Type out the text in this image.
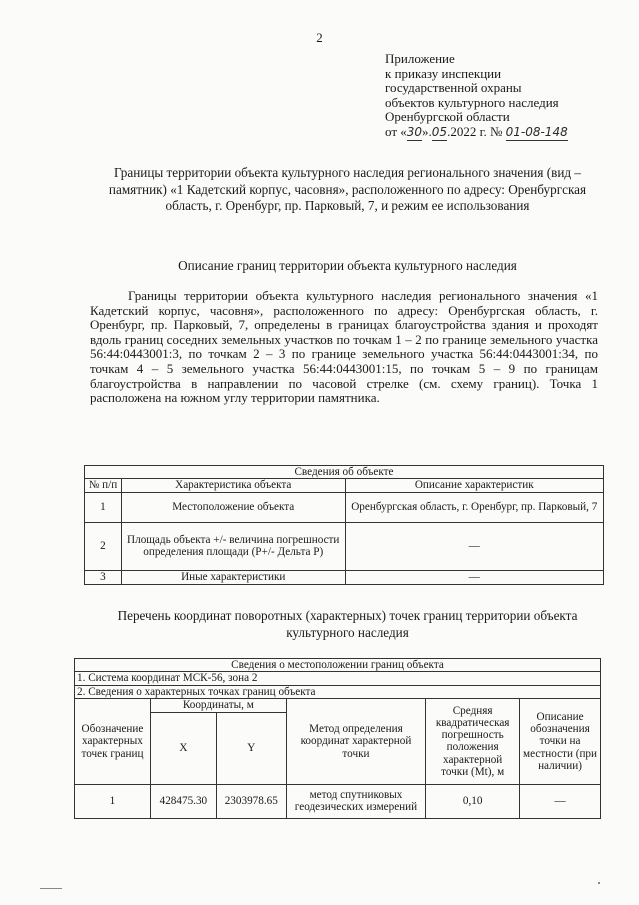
2
Приложение
к приказу инспекции
государственной охраны
объектов культурного наследия
Оренбургской области
от «30».05.2022 г. № 01-08-148
Границы территории объекта культурного наследия регионального значения (вид – памятник) «1 Кадетский корпус, часовня», расположенного по адресу: Оренбургская область, г. Оренбург, пр. Парковый, 7, и режим ее использования
Описание границ территории объекта культурного наследия
Границы территории объекта культурного наследия регионального значения «1 Кадетский корпус, часовня», расположенного по адресу: Оренбургская область, г. Оренбург, пр. Парковый, 7, определены в границах благоустройства здания и проходят вдоль границ соседних земельных участков по точкам 1 – 2 по границе земельного участка 56:44:0443001:3, по точкам 2 – 3 по границе земельного участка 56:44:0443001:34, по точкам 4 – 5 земельного участка 56:44:0443001:15, по точкам 5 – 9 по границам благоустройства в направлении по часовой стрелке (см. схему границ). Точка 1 расположена на южном углу территории памятника.
Сведения об объекте		
№ п/п	Характеристика объекта	Описание характеристик
1	Местоположение объекта	Оренбургская область, г. Оренбург, пр. Парковый, 7
2	Площадь объекта +/- величина погрешности определения площади (Р+/- Дельта Р)	—
3	Иные характеристики	—
Перечень координат поворотных (характерных) точек границ территории объекта культурного наследия
Сведения о местоположении границ объекта					
1. Система координат МСК-56, зона 2					
2. Сведения о характерных точках границ объекта					
Обозначение характерных точек границ	Координаты, м		Метод определения координат характерной точки	Средняя квадратическая погрешность положения характерной точки (Mt), м	Описание обозначения точки на местности (при наличии)
	X	Y			
1	428475.30	2303978.65	метод спутниковых геодезических измерений	0,10	—
